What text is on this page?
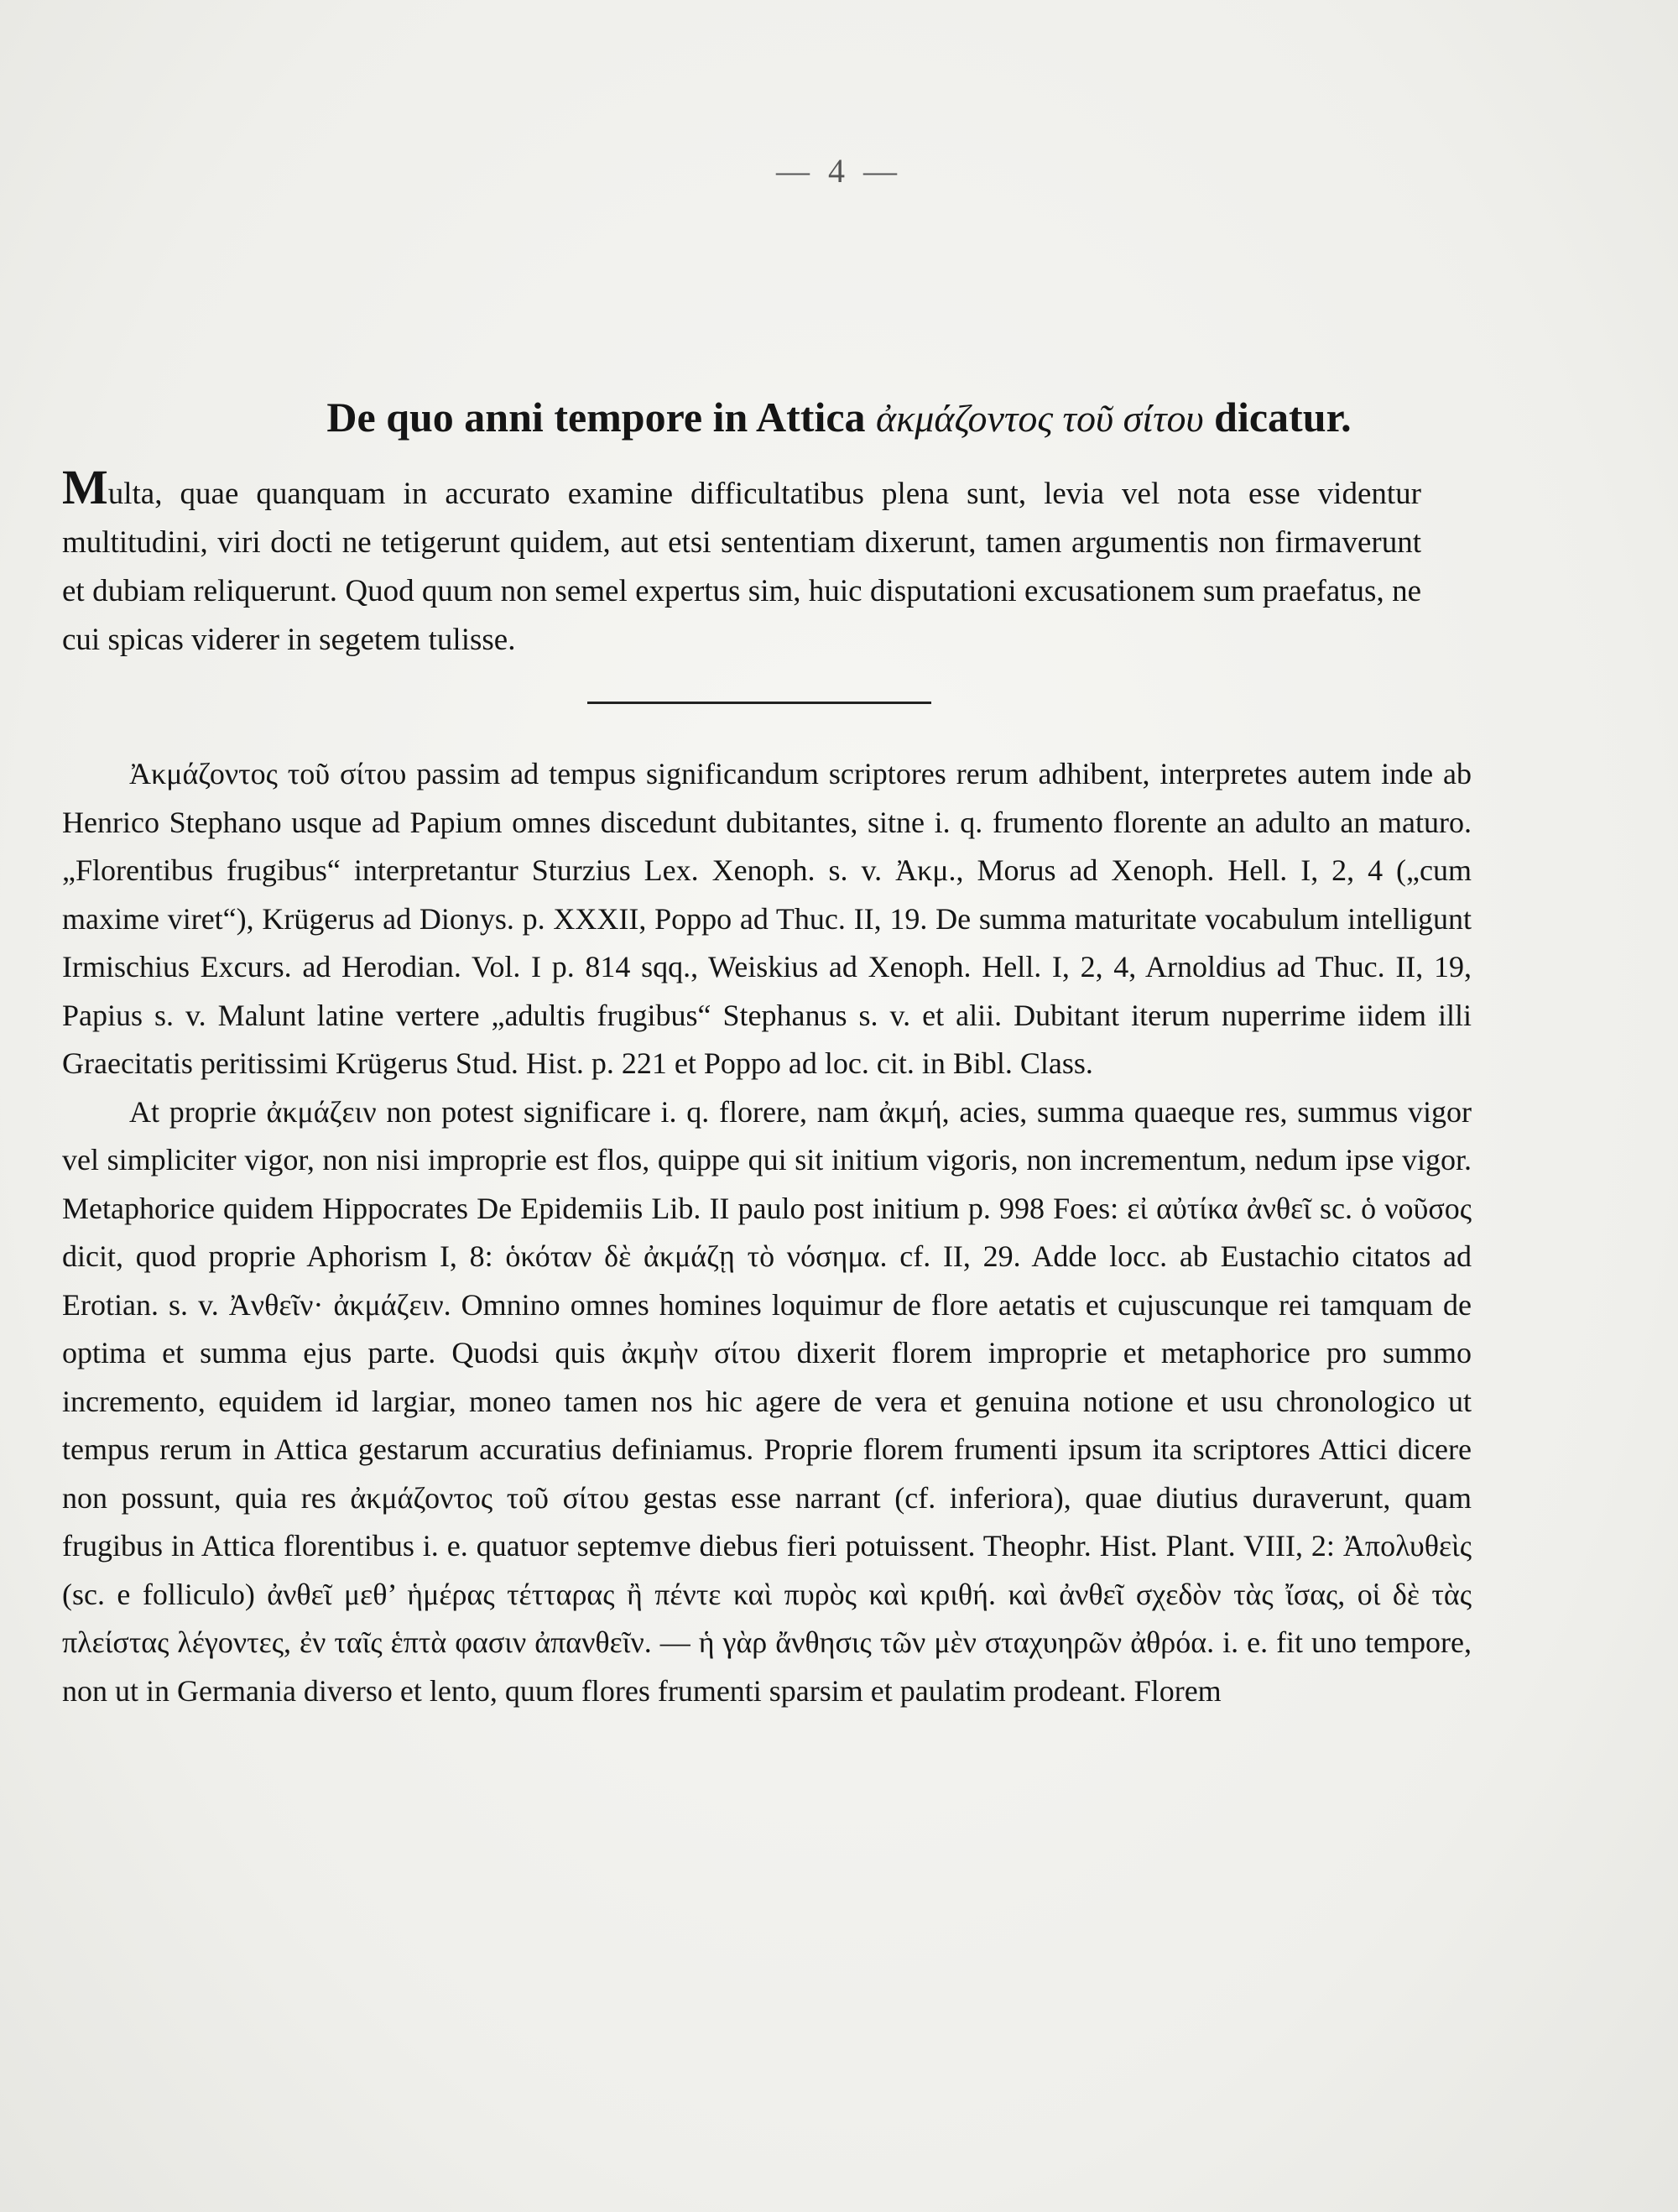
— 4 —
De quo anni tempore in Attica ἀκμάζοντος τοῦ σίτου dicatur.
Multa, quae quanquam in accurato examine difficultatibus plena sunt, levia vel nota esse videntur multitudini, viri docti ne tetigerunt quidem, aut etsi sententiam dixerunt, tamen argumentis non firmaverunt et dubiam reliquerunt. Quod quum non semel expertus sim, huic disputationi excusationem sum praefatus, ne cui spicas viderer in segetem tulisse.

Ἀκμάζοντος τοῦ σίτου passim ad tempus significandum scriptores rerum adhibent, interpretes autem inde ab Henrico Stephano usque ad Papium omnes discedunt dubitantes, sitne i. q. frumento florente an adulto an maturo. „Florentibus frugibus“ interpretantur Sturzius Lex. Xenoph. s. v. Ἀκμ., Morus ad Xenoph. Hell. I, 2, 4 („cum maxime viret“), Krügerus ad Dionys. p. XXXII, Poppo ad Thuc. II, 19. De summa maturitate vocabulum intelligunt Irmischius Excurs. ad Herodian. Vol. I p. 814 sqq., Weiskius ad Xenoph. Hell. I, 2, 4, Arnoldius ad Thuc. II, 19, Papius s. v. Malunt latine vertere „adultis frugibus“ Stephanus s. v. et alii. Dubitant iterum nuperrime iidem illi Graecitatis peritissimi Krügerus Stud. Hist. p. 221 et Poppo ad loc. cit. in Bibl. Class.

At proprie ἀκμάζειν non potest significare i. q. florere, nam ἀκμή, acies, summa quaeque res, summus vigor vel simpliciter vigor, non nisi improprie est flos, quippe qui sit initium vigoris, non incrementum, nedum ipse vigor. Metaphorice quidem Hippocrates De Epidemiis Lib. II paulo post initium p. 998 Foes: εἰ αὐτίκα ἀνθεῖ sc. ὁ νοῦσος dicit, quod proprie Aphorism I, 8: ὁκόταν δὲ ἀκμάζῃ τὸ νόσημα. cf. II, 29. Adde locc. ab Eustachio citatos ad Erotian. s. v. Ἀνθεῖν· ἀκμάζειν. Omnino omnes homines loquimur de flore aetatis et cujuscunque rei tamquam de optima et summa ejus parte. Quodsi quis ἀκμὴν σίτου dixerit florem improprie et metaphorice pro summo incremento, equidem id largiar, moneo tamen nos hic agere de vera et genuina notione et usu chronologico ut tempus rerum in Attica gestarum accuratius definiamus. Proprie florem frumenti ipsum ita scriptores Attici dicere non possunt, quia res ἀκμάζοντος τοῦ σίτου gestas esse narrant (cf. inferiora), quae diutius duraverunt, quam frugibus in Attica florentibus i. e. quatuor septemve diebus fieri potuissent. Theophr. Hist. Plant. VIII, 2: Ἀπολυθεὶς (sc. e folliculo) ἀνθεῖ μεθ’ ἡμέρας τέτταρας ἢ πέντε καὶ πυρὸς καὶ κριθή. καὶ ἀνθεῖ σχεδὸν τὰς ἴσας, οἱ δὲ τὰς πλείστας λέγοντες, ἐν ταῖς ἑπτὰ φασιν ἀπανθεῖν. — ἡ γὰρ ἄνθησις τῶν μὲν σταχυηρῶν ἀθρόα. i. e. fit uno tempore, non ut in Germania diverso et lento, quum flores frumenti sparsim et paulatim prodeant. Florem
